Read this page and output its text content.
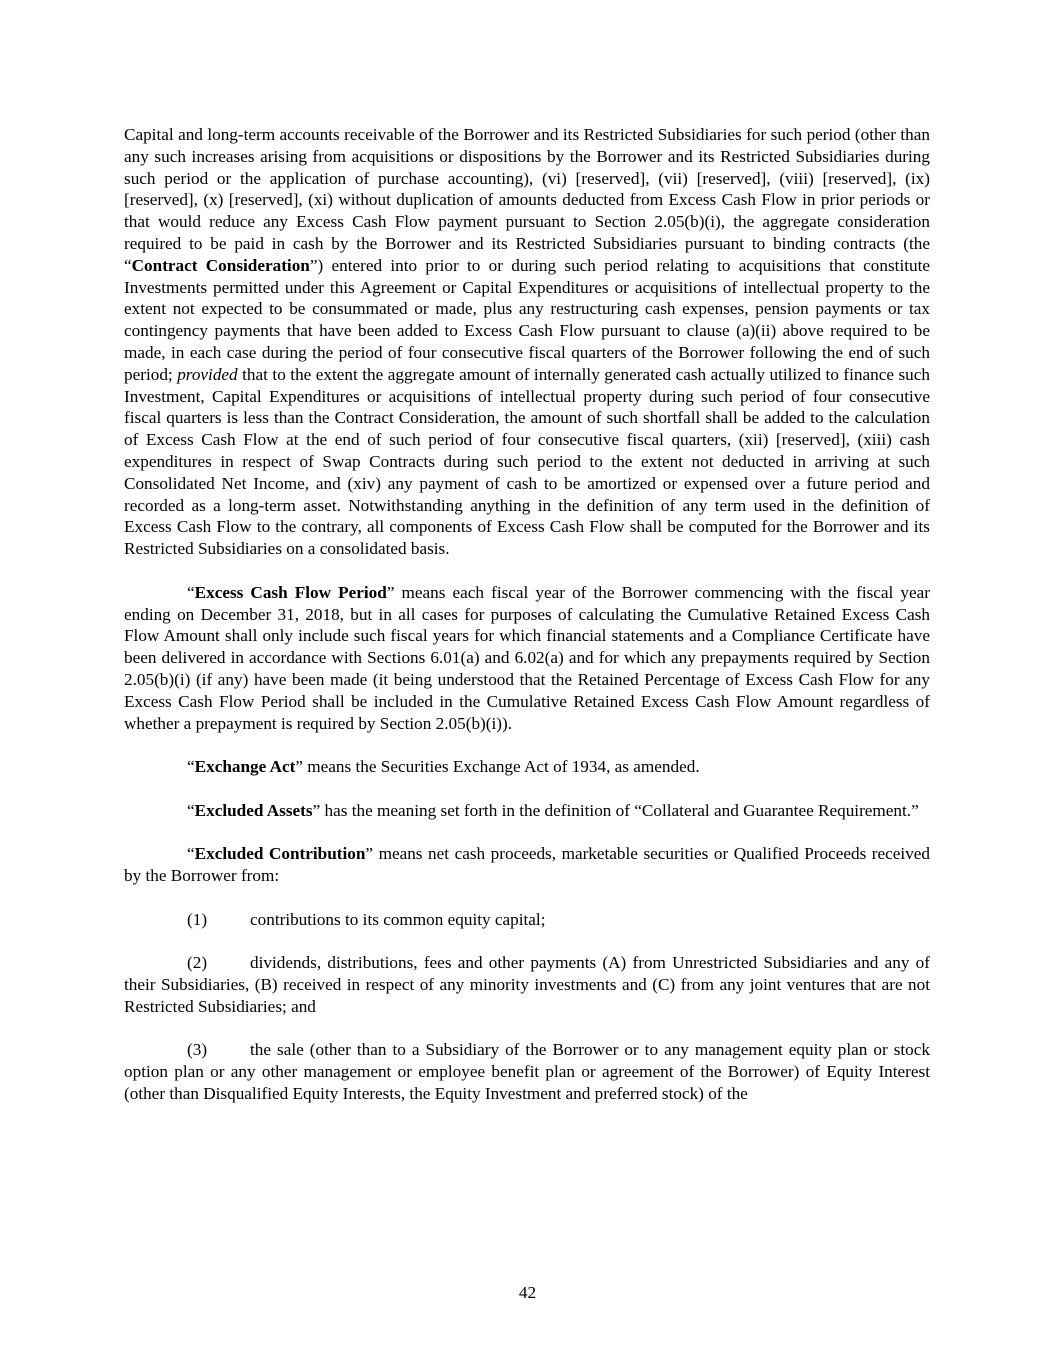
Capital and long-term accounts receivable of the Borrower and its Restricted Subsidiaries for such period (other than any such increases arising from acquisitions or dispositions by the Borrower and its Restricted Subsidiaries during such period or the application of purchase accounting), (vi) [reserved], (vii) [reserved], (viii) [reserved], (ix) [reserved], (x) [reserved], (xi) without duplication of amounts deducted from Excess Cash Flow in prior periods or that would reduce any Excess Cash Flow payment pursuant to Section 2.05(b)(i), the aggregate consideration required to be paid in cash by the Borrower and its Restricted Subsidiaries pursuant to binding contracts (the “Contract Consideration”) entered into prior to or during such period relating to acquisitions that constitute Investments permitted under this Agreement or Capital Expenditures or acquisitions of intellectual property to the extent not expected to be consummated or made, plus any restructuring cash expenses, pension payments or tax contingency payments that have been added to Excess Cash Flow pursuant to clause (a)(ii) above required to be made, in each case during the period of four consecutive fiscal quarters of the Borrower following the end of such period; provided that to the extent the aggregate amount of internally generated cash actually utilized to finance such Investment, Capital Expenditures or acquisitions of intellectual property during such period of four consecutive fiscal quarters is less than the Contract Consideration, the amount of such shortfall shall be added to the calculation of Excess Cash Flow at the end of such period of four consecutive fiscal quarters, (xii) [reserved], (xiii) cash expenditures in respect of Swap Contracts during such period to the extent not deducted in arriving at such Consolidated Net Income, and (xiv) any payment of cash to be amortized or expensed over a future period and recorded as a long-term asset. Notwithstanding anything in the definition of any term used in the definition of Excess Cash Flow to the contrary, all components of Excess Cash Flow shall be computed for the Borrower and its Restricted Subsidiaries on a consolidated basis.

“Excess Cash Flow Period” means each fiscal year of the Borrower commencing with the fiscal year ending on December 31, 2018, but in all cases for purposes of calculating the Cumulative Retained Excess Cash Flow Amount shall only include such fiscal years for which financial statements and a Compliance Certificate have been delivered in accordance with Sections 6.01(a) and 6.02(a) and for which any prepayments required by Section 2.05(b)(i) (if any) have been made (it being understood that the Retained Percentage of Excess Cash Flow for any Excess Cash Flow Period shall be included in the Cumulative Retained Excess Cash Flow Amount regardless of whether a prepayment is required by Section 2.05(b)(i)).

“Exchange Act” means the Securities Exchange Act of 1934, as amended.

“Excluded Assets” has the meaning set forth in the definition of “Collateral and Guarantee Requirement.”

“Excluded Contribution” means net cash proceeds, marketable securities or Qualified Proceeds received by the Borrower from:

(1) contributions to its common equity capital;

(2) dividends, distributions, fees and other payments (A) from Unrestricted Subsidiaries and any of their Subsidiaries, (B) received in respect of any minority investments and (C) from any joint ventures that are not Restricted Subsidiaries; and

(3) the sale (other than to a Subsidiary of the Borrower or to any management equity plan or stock option plan or any other management or employee benefit plan or agreement of the Borrower) of Equity Interest (other than Disqualified Equity Interests, the Equity Investment and preferred stock) of the

42
